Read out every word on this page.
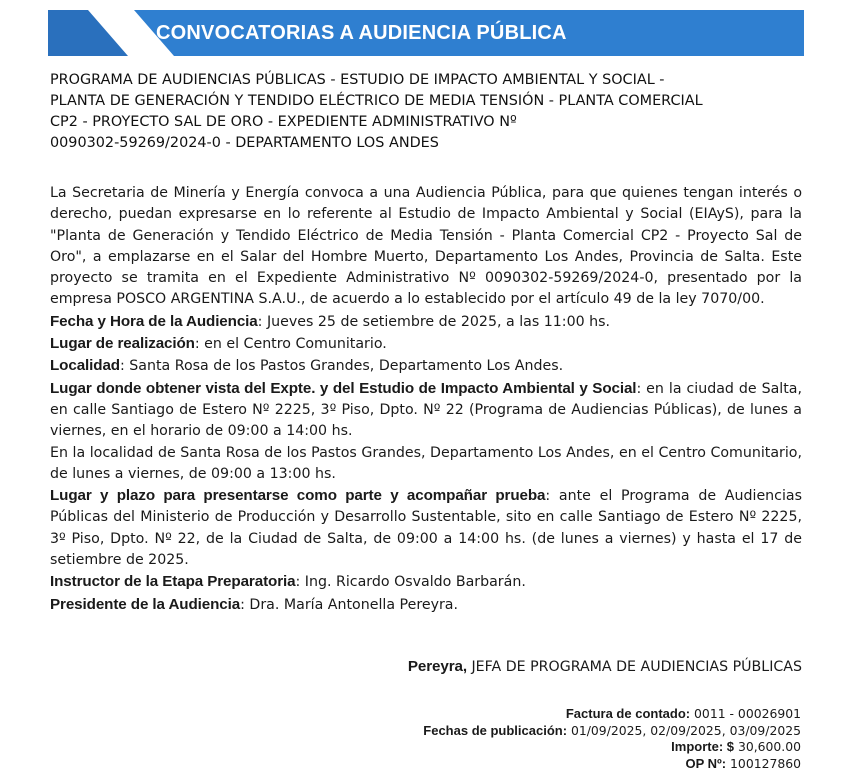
CONVOCATORIAS A AUDIENCIA PÚBLICA
PROGRAMA DE AUDIENCIAS PÚBLICAS - ESTUDIO DE IMPACTO AMBIENTAL Y SOCIAL -
PLANTA DE GENERACIÓN Y TENDIDO ELÉCTRICO DE MEDIA TENSIÓN - PLANTA COMERCIAL
CP2 - PROYECTO SAL DE ORO - EXPEDIENTE ADMINISTRATIVO Nº
0090302-59269/2024-0 - DEPARTAMENTO LOS ANDES

La Secretaria de Minería y Energía convoca a una Audiencia Pública, para que quienes tengan interés o derecho, puedan expresarse en lo referente al Estudio de Impacto Ambiental y Social (EIAyS), para la "Planta de Generación y Tendido Eléctrico de Media Tensión - Planta Comercial CP2 - Proyecto Sal de Oro", a emplazarse en el Salar del Hombre Muerto, Departamento Los Andes, Provincia de Salta. Este proyecto se tramita en el Expediente Administrativo Nº 0090302-59269/2024-0, presentado por la empresa POSCO ARGENTINA S.A.U., de acuerdo a lo establecido por el artículo 49 de la ley 7070/00.

Fecha y Hora de la Audiencia: Jueves 25 de setiembre de 2025, a las 11:00 hs.

Lugar de realización: en el Centro Comunitario.

Localidad: Santa Rosa de los Pastos Grandes, Departamento Los Andes.

Lugar donde obtener vista del Expte. y del Estudio de Impacto Ambiental y Social: en la ciudad de Salta, en calle Santiago de Estero Nº 2225, 3º Piso, Dpto. Nº 22 (Programa de Audiencias Públicas), de lunes a viernes, en el horario de 09:00 a 14:00 hs.

En la localidad de Santa Rosa de los Pastos Grandes, Departamento Los Andes, en el Centro Comunitario, de lunes a viernes, de 09:00 a 13:00 hs.

Lugar y plazo para presentarse como parte y acompañar prueba: ante el Programa de Audiencias Públicas del Ministerio de Producción y Desarrollo Sustentable, sito en calle Santiago de Estero Nº 2225, 3º Piso, Dpto. Nº 22, de la Ciudad de Salta, de 09:00 a 14:00 hs. (de lunes a viernes) y hasta el 17 de setiembre de 2025.

Instructor de la Etapa Preparatoria: Ing. Ricardo Osvaldo Barbarán.

Presidente de la Audiencia: Dra. María Antonella Pereyra.

Pereyra, JEFA DE PROGRAMA DE AUDIENCIAS PÚBLICAS
Factura de contado: 0011 - 00026901
Fechas de publicación: 01/09/2025, 02/09/2025, 03/09/2025
Importe: $ 30,600.00
OP Nº: 100127860
